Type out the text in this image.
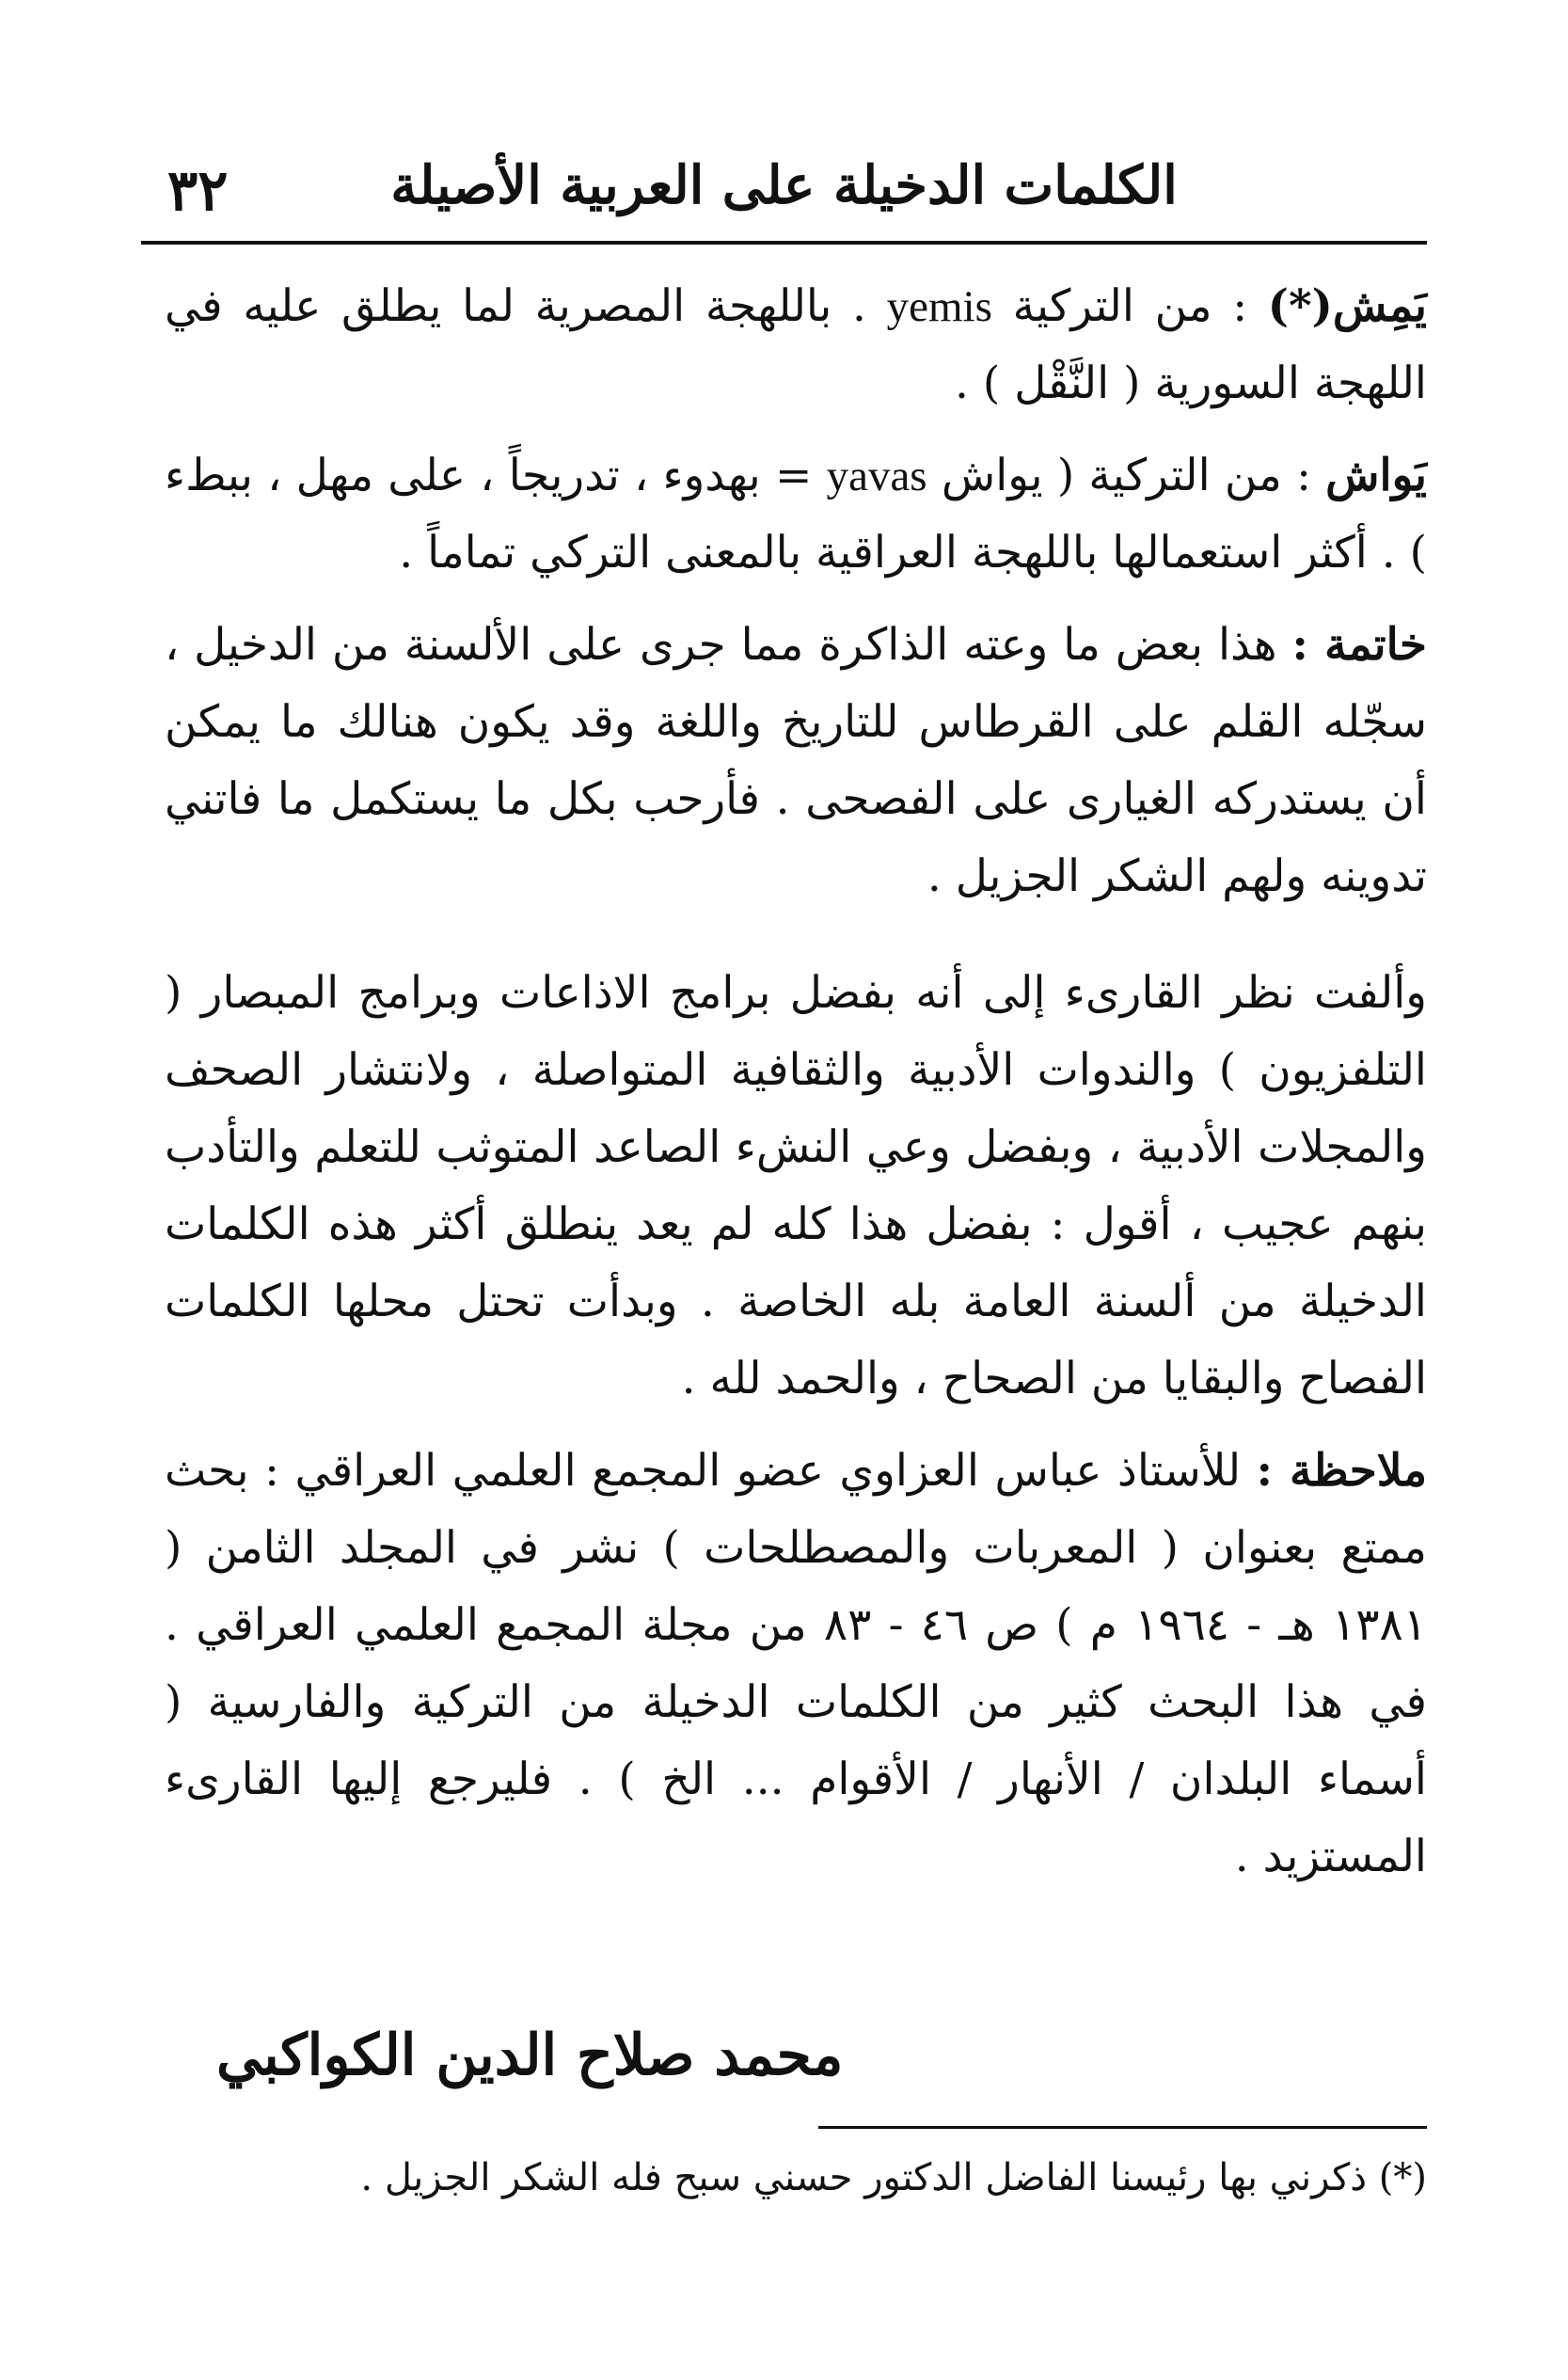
٣٢	الكلمات الدخيلة على العربية الأصيلة

يَمِش(*) : من التركية yemis . باللهجة المصرية لما يطلق عليه في اللهجة السورية ( النَّقْل ) .

يَواش : من التركية ( يواش yavas = بهدوء ، تدريجاً ، على مهل ، ببطء ) . أكثر استعمالها باللهجة العراقية بالمعنى التركي تماماً .

خاتمة : هذا بعض ما وعته الذاكرة مما جرى على الألسنة من الدخيل ، سجّله القلم على القرطاس للتاريخ واللغة وقد يكون هنالك ما يمكن أن يستدركه الغيارى على الفصحى . فأرحب بكل ما يستكمل ما فاتني تدوينه ولهم الشكر الجزيل .

وألفت نظر القارىء إلى أنه بفضل برامج الاذاعات وبرامج المبصار ( التلفزيون ) والندوات الأدبية والثقافية المتواصلة ، ولانتشار الصحف والمجلات الأدبية ، وبفضل وعي النشء الصاعد المتوثب للتعلم والتأدب بنهم عجيب ، أقول : بفضل هذا كله لم يعد ينطلق أكثر هذه الكلمات الدخيلة من ألسنة العامة بله الخاصة . وبدأت تحتل محلها الكلمات الفصاح والبقايا من الصحاح ، والحمد لله .

ملاحظة : للأستاذ عباس العزاوي عضو المجمع العلمي العراقي : بحث ممتع بعنوان ( المعربات والمصطلحات ) نشر في المجلد الثامن ( ١٣٨١ هـ - ١٩٦٤ م ) ص ٤٦ - ٨٣ من مجلة المجمع العلمي العراقي . في هذا البحث كثير من الكلمات الدخيلة من التركية والفارسية ( أسماء البلدان / الأنهار / الأقوام ... الخ ) . فليرجع إليها القارىء المستزيد .

محمد صلاح الدين الكواكبي
(*) ذكرني بها رئيسنا الفاضل الدكتور حسني سبح فله الشكر الجزيل .
